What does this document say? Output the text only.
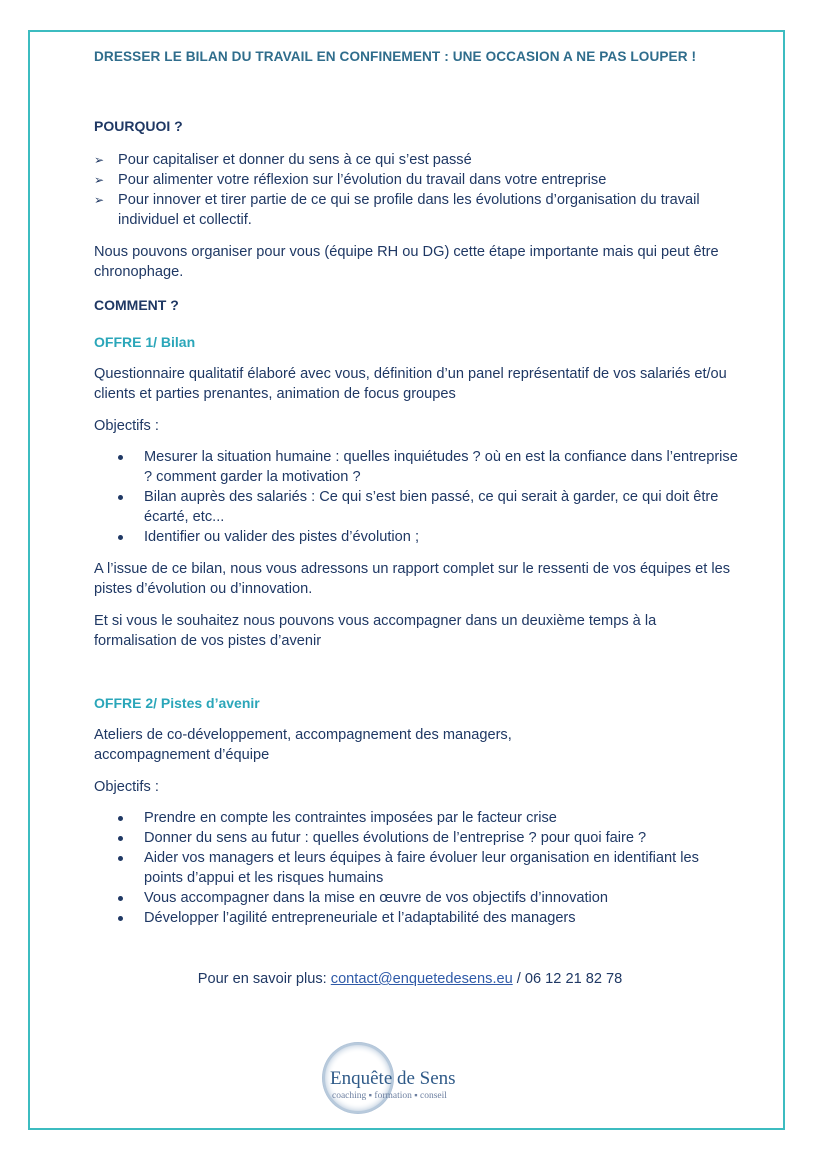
DRESSER LE BILAN DU TRAVAIL EN CONFINEMENT : UNE OCCASION A NE PAS LOUPER !
POURQUOI ?
➢ Pour capitaliser et donner du sens à ce qui s’est passé
➢ Pour alimenter votre réflexion sur l’évolution du travail dans votre entreprise
➢ Pour innover et tirer partie de ce qui se profile dans les évolutions d’organisation du travail individuel et collectif.
Nous pouvons organiser pour vous (équipe RH ou DG) cette étape importante mais qui peut être chronophage.
COMMENT ?
OFFRE 1/ Bilan
Questionnaire qualitatif élaboré avec vous, définition d’un panel représentatif de vos salariés et/ou clients et parties prenantes, animation de focus groupes
Objectifs :
Mesurer la situation humaine : quelles inquiétudes ? où en est la confiance dans l’entreprise ? comment garder la motivation ?
Bilan auprès des salariés : Ce qui s’est bien passé, ce qui serait à garder, ce qui doit être écarté, etc...
Identifier ou valider des pistes d’évolution ;
A l’issue de ce bilan, nous vous adressons un rapport complet sur le ressenti de vos équipes et les pistes d’évolution ou d’innovation.
Et si vous le souhaitez nous pouvons vous accompagner dans un deuxième temps à la formalisation de vos pistes d’avenir
OFFRE 2/ Pistes d’avenir
Ateliers de co-développement, accompagnement des managers, accompagnement d’équipe
Objectifs :
Prendre en compte les contraintes imposées par le facteur crise
Donner du sens au futur : quelles évolutions de l’entreprise ? pour quoi faire ?
Aider vos managers et leurs équipes à faire évoluer leur organisation en identifiant les points d’appui et les risques humains
Vous accompagner dans la mise en œuvre de vos objectifs d’innovation
Développer l’agilité entrepreneuriale et l’adaptabilité des managers
Pour en savoir plus: contact@enquetedesens.eu / 06 12 21 82 78
Enquête de Sens
coaching ▪ formation ▪ conseil
